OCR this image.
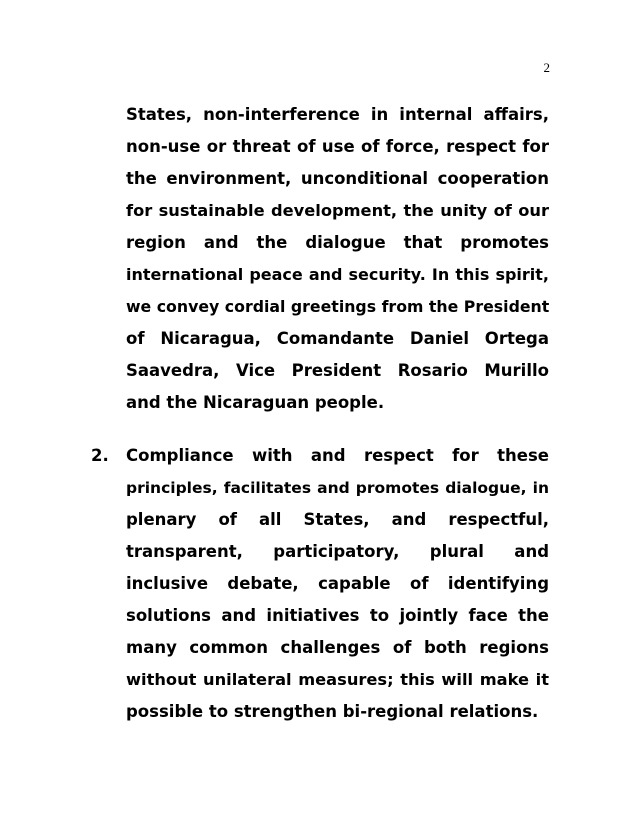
2

States, non-interference in internal affairs,

non-use or threat of use of force, respect for

the environment, unconditional cooperation

for sustainable development, the unity of our

region and the dialogue that promotes

international peace and security. In this spirit,

we convey cordial greetings from the President

of Nicaragua, Comandante Daniel Ortega

Saavedra, Vice President Rosario Murillo

and the Nicaraguan people.

2. Compliance with and respect for these

principles, facilitates and promotes dialogue, in

plenary of all States, and respectful,

transparent, participatory, plural and

inclusive debate, capable of identifying

solutions and initiatives to jointly face the

many common challenges of both regions

without unilateral measures; this will make it

possible to strengthen bi-regional relations.
